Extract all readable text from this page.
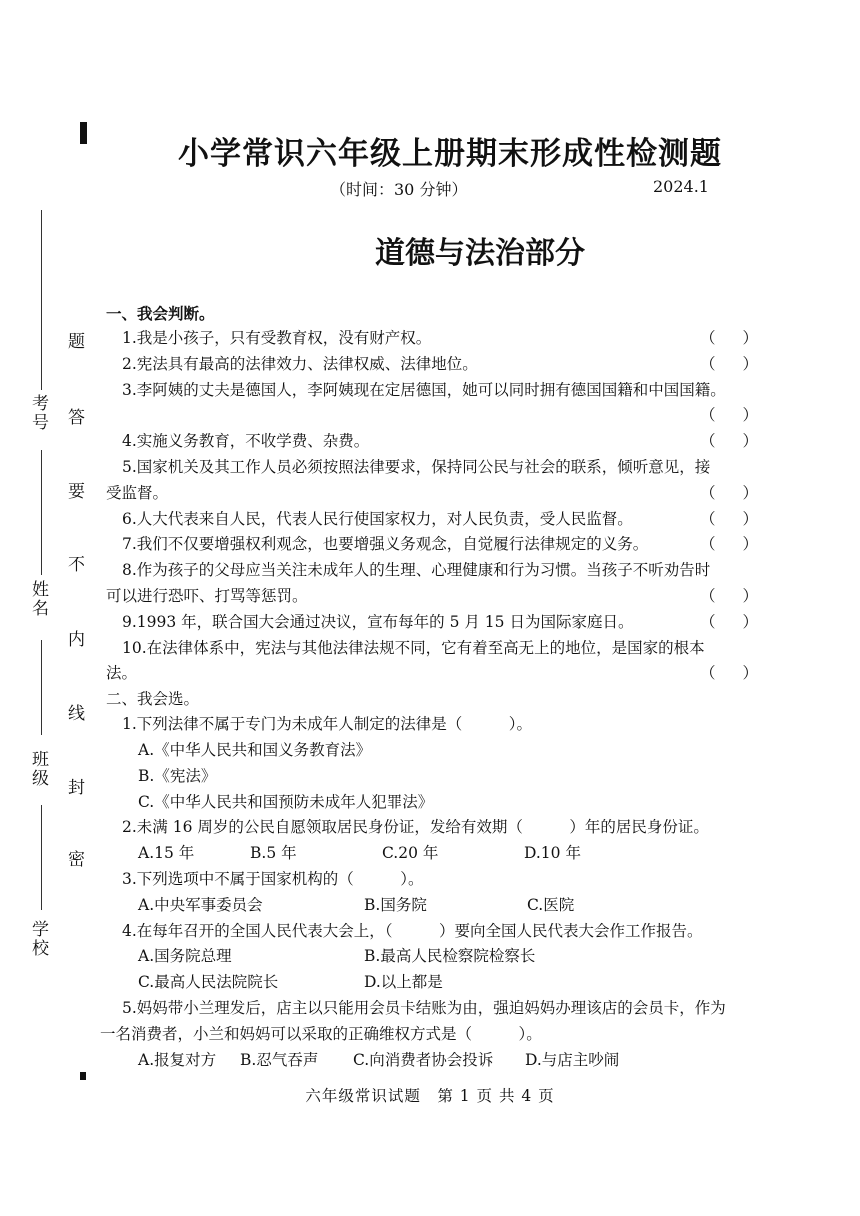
考号
姓名
班级
学校
题
答
要
不
内
线
封
密
小学常识六年级上册期末形成性检测题
（时间：30 分钟）	2024.1
道德与法治部分
一、我会判断。
1.我是小孩子，只有受教育权，没有财产权。	（ ）
2.宪法具有最高的法律效力、法律权威、法律地位。	（ ）
3.李阿姨的丈夫是德国人，李阿姨现在定居德国，她可以同时拥有德国国籍和中国国籍。
（ ）
4.实施义务教育，不收学费、杂费。	（ ）
5.国家机关及其工作人员必须按照法律要求，保持同公民与社会的联系，倾听意见，接
受监督。	（ ）
6.人大代表来自人民，代表人民行使国家权力，对人民负责，受人民监督。	（ ）
7.我们不仅要增强权利观念，也要增强义务观念，自觉履行法律规定的义务。	（ ）
8.作为孩子的父母应当关注未成年人的生理、心理健康和行为习惯。当孩子不听劝告时
可以进行恐吓、打骂等惩罚。	（ ）
9.1993 年，联合国大会通过决议，宣布每年的 5 月 15 日为国际家庭日。	（ ）
10.在法律体系中，宪法与其他法律法规不同，它有着至高无上的地位，是国家的根本
法。	（ ）
二、我会选。
1.下列法律不属于专门为未成年人制定的法律是（　　　）。
A.《中华人民共和国义务教育法》
B.《宪法》
C.《中华人民共和国预防未成年人犯罪法》
2.未满 16 周岁的公民自愿领取居民身份证，发给有效期（　　　）年的居民身份证。
A.15 年	B.5 年	C.20 年	D.10 年
3.下列选项中不属于国家机构的（　　　）。
A.中央军事委员会	B.国务院	C.医院
4.在每年召开的全国人民代表大会上，（　　　）要向全国人民代表大会作工作报告。
A.国务院总理	B.最高人民检察院检察长
C.最高人民法院院长	D.以上都是
5.妈妈带小兰理发后，店主以只能用会员卡结账为由，强迫妈妈办理该店的会员卡，作为
一名消费者，小兰和妈妈可以采取的正确维权方式是（　　　）。
A.报复对方	B.忍气吞声	C.向消费者协会投诉	D.与店主吵闹
六年级常识试题　第 1 页 共 4 页
